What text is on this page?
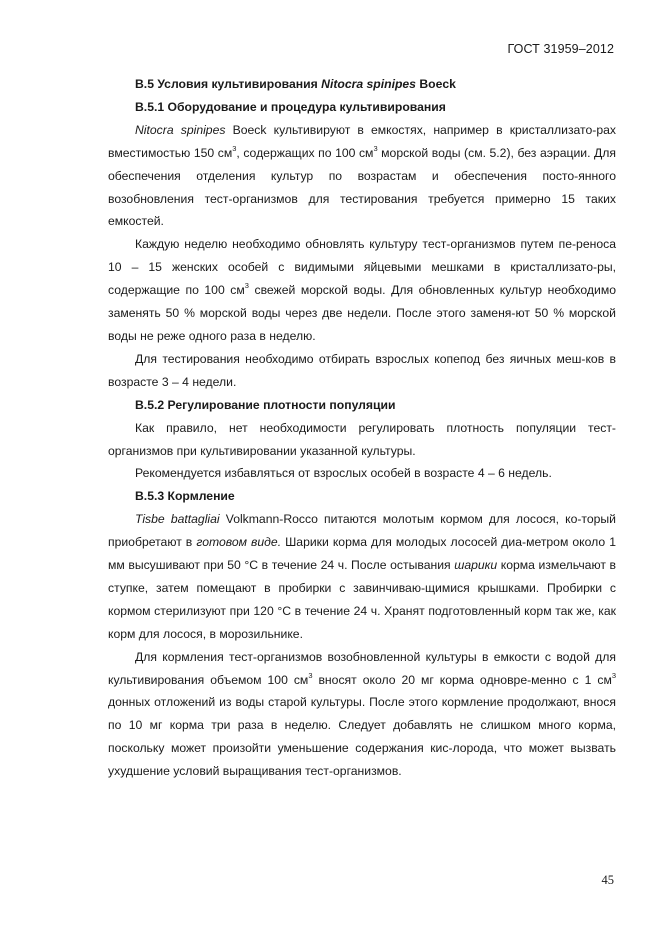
ГОСТ 31959–2012

В.5 Условия культивирования Nitocra spinipes Boeck

В.5.1 Оборудование и процедура культивирования

Nitocra spinipes Boeck культивируют в емкостях, например в кристаллизато-рах вместимостью 150 $см^3$, содержащих по 100 $см^3$ морской воды (см. 5.2), без аэрации. Для обеспечения отделения культур по возрастам и обеспечения посто-янного возобновления тест-организмов для тестирования требуется примерно 15 таких емкостей.

Каждую неделю необходимо обновлять культуру тест-организмов путем пе-реноса 10 – 15 женских особей с видимыми яйцевыми мешками в кристаллизато-ры, содержащие по 100 $см^3$ свежей морской воды. Для обновленных культур необходимо заменять 50 % морской воды через две недели. После этого заменя-ют 50 % морской воды не реже одного раза в неделю.

Для тестирования необходимо отбирать взрослых копепод без яичных меш-ков в возрасте 3 – 4 недели.

В.5.2 Регулирование плотности популяции

Как правило, нет необходимости регулировать плотность популяции тест-организмов при культивировании указанной культуры.

Рекомендуется избавляться от взрослых особей в возрасте 4 – 6 недель.

В.5.3 Кормление

Tisbe battagliai Volkmann-Rocco питаются молотым кормом для лосося, ко-торый приобретают в готовом виде. Шарики корма для молодых лососей диа-метром около 1 мм высушивают при 50 °С в течение 24 ч. После остывания шарики корма измельчают в ступке, затем помещают в пробирки с завинчиваю-щимися крышками. Пробирки с кормом стерилизуют при 120 °С в течение 24 ч. Хранят подготовленный корм так же, как корм для лосося, в морозильнике.

Для кормления тест-организмов возобновленной культуры в емкости с водой для культивирования объемом 100 $см^3$ вносят около 20 мг корма одновре-менно с 1 $см^3$ донных отложений из воды старой культуры. После этого кормление продолжают, внося по 10 мг корма три раза в неделю. Следует добавлять не слишком много корма, поскольку может произойти уменьшение содержания кис-лорода, что может вызвать ухудшение условий выращивания тест-организмов.

45
